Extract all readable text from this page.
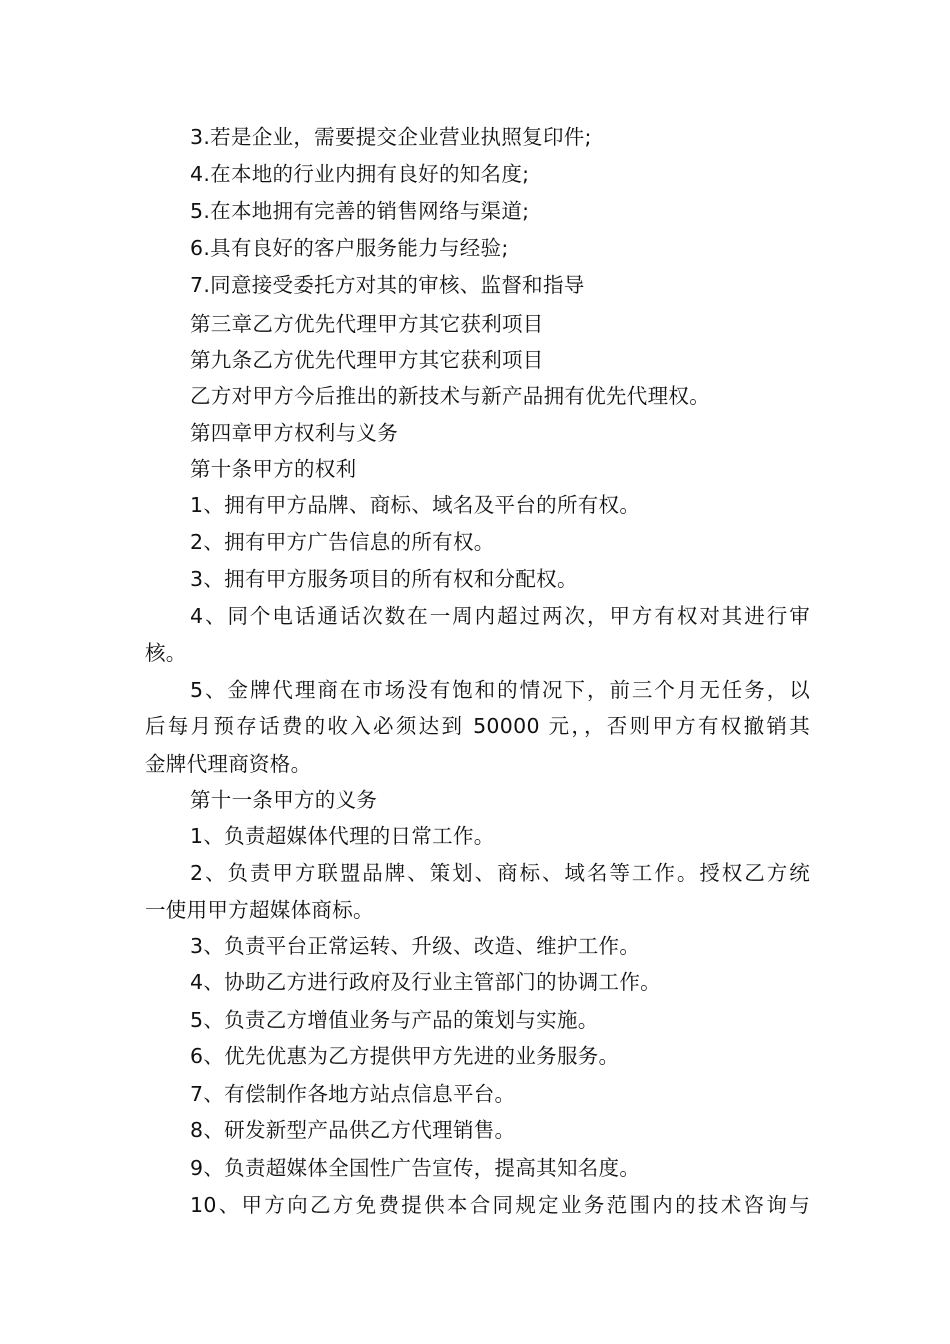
3.若是企业，需要提交企业营业执照复印件;
4.在本地的行业内拥有良好的知名度;
5.在本地拥有完善的销售网络与渠道;
6.具有良好的客户服务能力与经验;
7.同意接受委托方对其的审核、监督和指导
第三章乙方优先代理甲方其它获利项目
第九条乙方优先代理甲方其它获利项目
乙方对甲方今后推出的新技术与新产品拥有优先代理权。
第四章甲方权利与义务
第十条甲方的权利
1、拥有甲方品牌、商标、域名及平台的所有权。
2、拥有甲方广告信息的所有权。
3、拥有甲方服务项目的所有权和分配权。
4、同个电话通话次数在一周内超过两次，甲方有权对其进行审
核。
5、金牌代理商在市场没有饱和的情况下，前三个月无任务，以
后每月预存话费的收入必须达到 50000 元，，否则甲方有权撤销其
金牌代理商资格。
第十一条甲方的义务
1、负责超媒体代理的日常工作。
2、负责甲方联盟品牌、策划、商标、域名等工作。授权乙方统
一使用甲方超媒体商标。
3、负责平台正常运转、升级、改造、维护工作。
4、协助乙方进行政府及行业主管部门的协调工作。
5、负责乙方增值业务与产品的策划与实施。
6、优先优惠为乙方提供甲方先进的业务服务。
7、有偿制作各地方站点信息平台。
8、研发新型产品供乙方代理销售。
9、负责超媒体全国性广告宣传，提高其知名度。
10、甲方向乙方免费提供本合同规定业务范围内的技术咨询与
